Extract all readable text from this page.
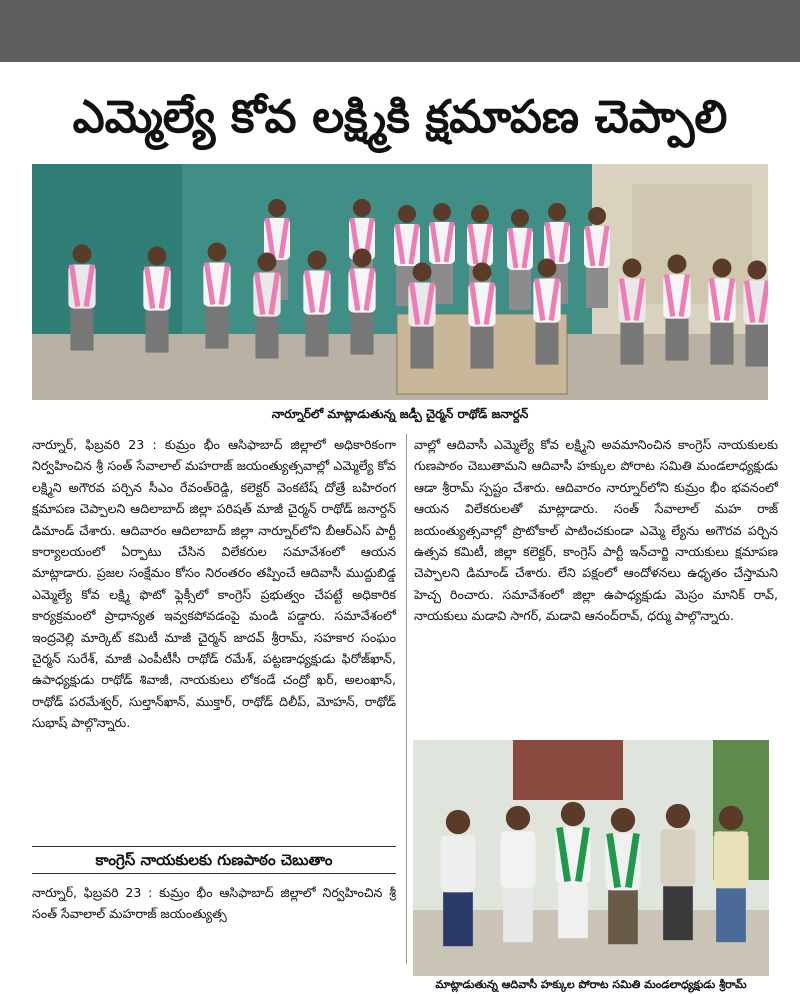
ఎమ్మెల్యే కోవ లక్ష్మికి క్షమాపణ చెప్పాలి
నార్నూర్‌లో మాట్లాడుతున్న జడ్పీ చైర్మన్ రాథోడ్ జనార్దన్

నార్నూర్, ఫిబ్రవరి 23 : కుమ్రం భీం ఆసిఫాబాద్ జిల్లాలో అధికారికంగా నిర్వహించిన శ్రీ సంత్ సేవాలాల్ మహరాజ్ జయంత్యుత్సవాల్లో ఎమ్మెల్యే కోవ లక్ష్మిని అగౌరవ పర్చిన సీఎం రేవంత్‌రెడ్డి, కలెక్టర్ వెంకటేష్ దోత్రే బహిరంగ క్షమాపణ చెప్పాలని ఆదిలాబాద్ జిల్లా పరిషత్ మాజీ చైర్మన్ రాథోడ్ జనార్దన్ డిమాండ్ చేశారు. ఆదివారం ఆదిలాబాద్ జిల్లా నార్నూర్‌లోని బీఆర్ఎస్ పార్టీ కార్యాలయంలో ఏర్పాటు చేసిన విలేకరుల సమావేశంలో ఆయన మాట్లాడారు. ప్రజల సంక్షేమం కోసం నిరంతరం తప్పించే ఆదివాసీ ముద్దుబిడ్డ ఎమ్మెల్యే కోవ లక్ష్మి ఫొటో ఫ్లెక్సీలో కాంగ్రెస్ ప్రభుత్వం చేపట్టే అధికారిక కార్యక్రమంలో ప్రాధాన్యత ఇవ్వకపోవడంపై మండి పడ్డారు. సమావేశంలో ఇంద్రవెల్లి మార్కెట్ కమిటీ మాజీ చైర్మన్ జాదవ్ శ్రీరామ్, సహకార సంఘం చైర్మన్ సురేశ్, మాజీ ఎంపీటీసీ రాథోడ్ రమేశ్, పట్టణాధ్యక్షుడు ఫిరోజ్‌ఖాన్, ఉపాధ్యక్షుడు రాథోడ్ శివాజీ, నాయకులు లోకండే చంద్రో ఖర్, అలంఖాన్, రాథోడ్ పరమేశ్వర్, సుల్తాన్‌ఖాన్, ముక్తార్, రాథోడ్ దిలీప్, మోహన్, రాథోడ్ సుభాష్ పాల్గొన్నారు.

కాంగ్రెస్ నాయకులకు గుణపాఠం చెబుతాం

నార్నూర్, ఫిబ్రవరి 23 : కుమ్రం భీం ఆసిఫాబాద్ జిల్లాలో నిర్వహించిన శ్రీ సంత్ సేవాలాల్ మహరాజ్ జయంత్యుత్స

వాల్లో ఆదివాసీ ఎమ్మెల్యే కోవ లక్ష్మిని అవమానించిన కాంగ్రెస్ నాయకులకు గుణపాఠం చెబుతామని ఆదివాసీ హక్కుల పోరాట సమితి మండలాధ్యక్షుడు ఆడా శ్రీరామ్ స్పష్టం చేశారు. ఆదివారం నార్నూర్‌లోని కుమ్రం భీం భవనంలో ఆయన విలేకరులతో మాట్లాడారు. సంత్ సేవాలాల్ మహ రాజ్ జయంత్యుత్సవాల్లో ప్రొటోకాల్ పాటించకుండా ఎమ్మె ల్యేను అగౌరవ పర్చిన ఉత్సవ కమిటీ, జిల్లా కలెక్టర్, కాంగ్రెస్ పార్టీ ఇన్‌చార్జి నాయకులు క్షమాపణ చెప్పాలని డిమాండ్ చేశారు. లేని పక్షంలో ఆందోళనలు ఉధృతం చేస్తామని హెచ్చ రించారు. సమావేశంలో జిల్లా ఉపాధ్యక్షుడు మెస్రం మానిక్ రావ్, నాయకులు మడావి సాగర్, మడావి ఆనంద్‌రావ్, ధర్ము పాల్గొన్నారు.

మాట్లాడుతున్న ఆదివాసీ హక్కుల పోరాట సమితి మండలాధ్యక్షుడు శ్రీరామ్
